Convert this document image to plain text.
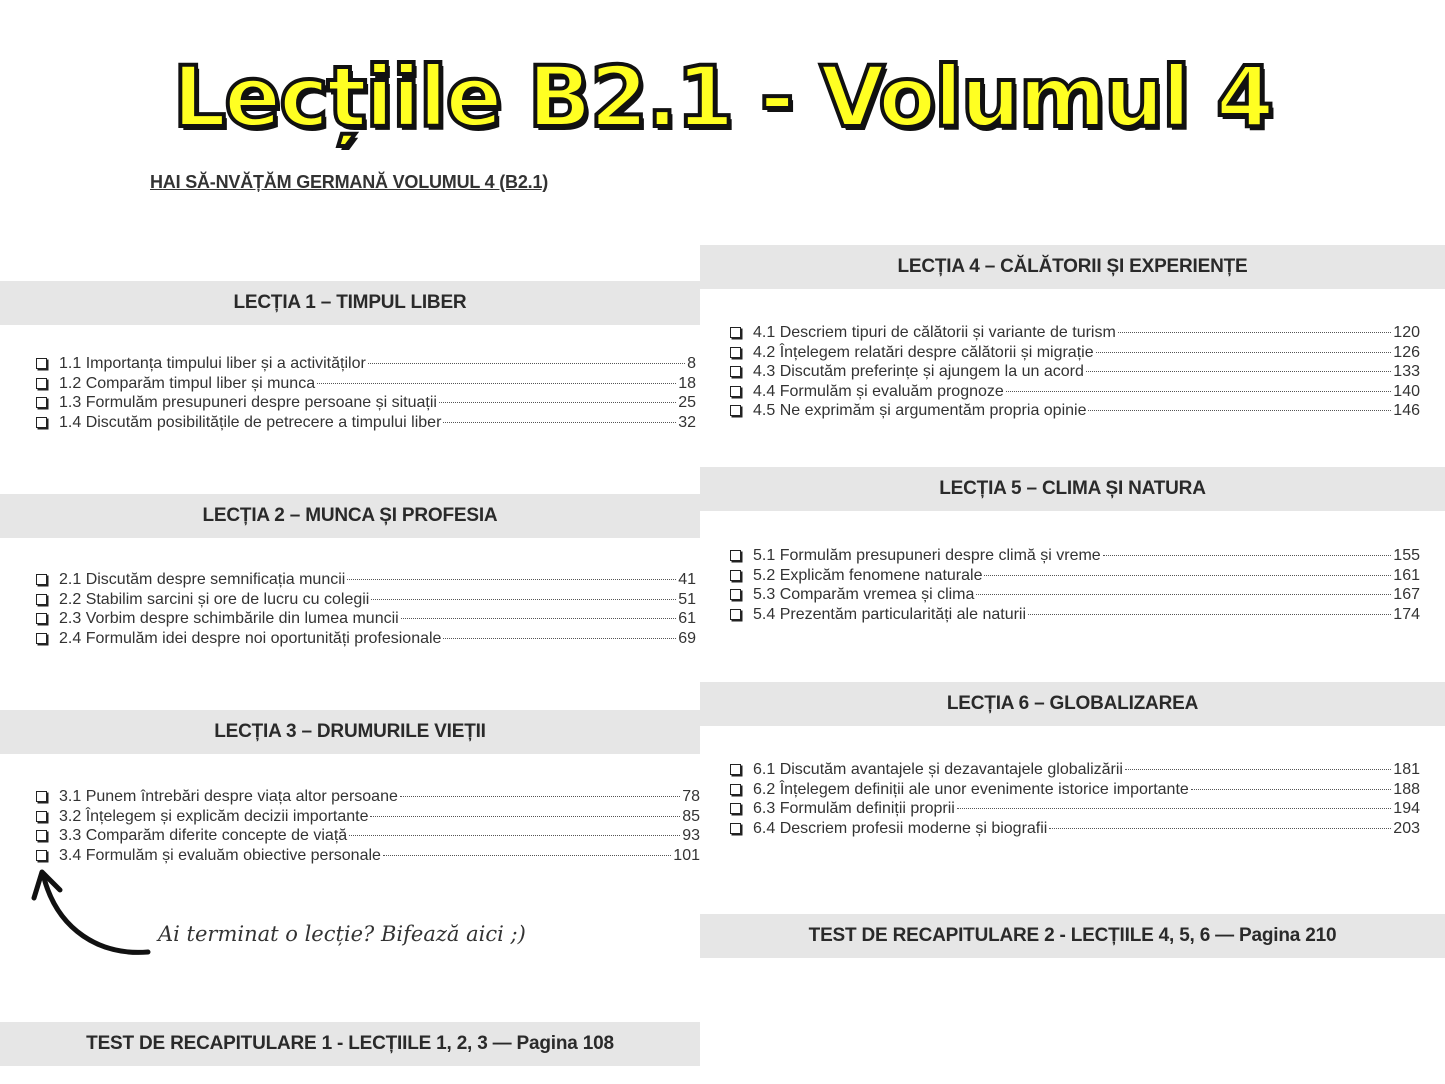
Lecțiile B2.1 - Volumul 4
HAI SĂ-NVĂȚĂM GERMANĂ VOLUMUL 4 (B2.1)
LECȚIA 1 – TIMPUL LIBER
1.1 Importanța timpului liber și a activităților	8
1.2 Comparăm timpul liber și munca	18
1.3 Formulăm presupuneri despre persoane și situații	25
1.4 Discutăm posibilitățile de petrecere a timpului liber	32
LECȚIA 2 – MUNCA ȘI PROFESIA
2.1 Discutăm despre semnificația muncii	41
2.2 Stabilim sarcini și ore de lucru cu colegii	51
2.3 Vorbim despre schimbările din lumea muncii	61
2.4 Formulăm idei despre noi oportunități profesionale	69
LECȚIA 3 – DRUMURILE VIEȚII
3.1 Punem întrebări despre viața altor persoane	78
3.2 Înțelegem și explicăm decizii importante	85
3.3 Comparăm diferite concepte de viață	93
3.4 Formulăm și evaluăm obiective personale	101
Ai terminat o lecție? Bifează aici ;)
TEST DE RECAPITULARE 1 - LECȚIILE 1, 2, 3 — Pagina 108
LECȚIA 4 – CĂLĂTORII ȘI EXPERIENȚE
4.1 Descriem tipuri de călătorii și variante de turism	120
4.2 Înțelegem relatări despre călătorii și migrație	126
4.3 Discutăm preferințe și ajungem la un acord	133
4.4 Formulăm și evaluăm prognoze	140
4.5 Ne exprimăm și argumentăm propria opinie	146
LECȚIA 5 – CLIMA ȘI NATURA
5.1 Formulăm presupuneri despre climă și vreme	155
5.2 Explicăm fenomene naturale	161
5.3 Comparăm vremea și clima	167
5.4 Prezentăm particularități ale naturii	174
LECȚIA 6 – GLOBALIZAREA
6.1 Discutăm avantajele și dezavantajele globalizării	181
6.2 Înțelegem definiții ale unor evenimente istorice importante	188
6.3 Formulăm definiții proprii	194
6.4 Descriem profesii moderne și biografii	203
TEST DE RECAPITULARE 2 - LECȚIILE 4, 5, 6 — Pagina 210
